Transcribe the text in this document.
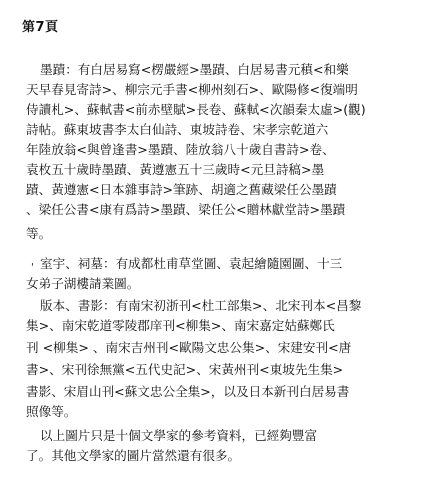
第7頁
墨蹟：有白居易寫<楞嚴經>墨蹟、白居易書元稹<和樂
天早春見寄詩>、柳宗元手書<柳州刻石>、歐陽修<復端明
侍讀札>、蘇軾書<前赤壁賦>長卷、蘇軾<次韻秦太虛>(觀)
詩帖。蘇東坡書李太白仙詩、東坡詩卷、宋孝宗乾道六
年陸放翁<與曾逢書>墨蹟、陸放翁八十歲自書詩>卷、
袁枚五十歲時墨蹟、黃遵憲五十三歲時<元旦詩稿>墨
蹟、黃遵憲<日本雜事詩>筆跡、胡適之舊藏梁任公墨蹟
、梁任公書<康有爲詩>墨蹟、梁任公<贈林獻堂詩>墨蹟
等。
' 室宇、祠墓：有成都杜甫草堂圖、袁起繪隨園圖、十三
女弟子湖樓請業圖。
版本、書影：有南宋初浙刊<杜工部集>、北宋刊本<昌黎
集>、南宋乾道零陵郡庠刊<柳集>、南宋嘉定姑蘇鄭氏
刊 <柳集> 、南宋吉州刊<歐陽文忠公集>、宋建安刊<唐
書>、宋刊徐無黨<五代史記>、宋黃州刊<東坡先生集>
書影、宋眉山刊<蘇文忠公全集>，以及日本新刊白居易書
照像等。
以上圖片只是十個文學家的參考資料，已經夠豐富
了。其他文學家的圖片當然還有很多。
